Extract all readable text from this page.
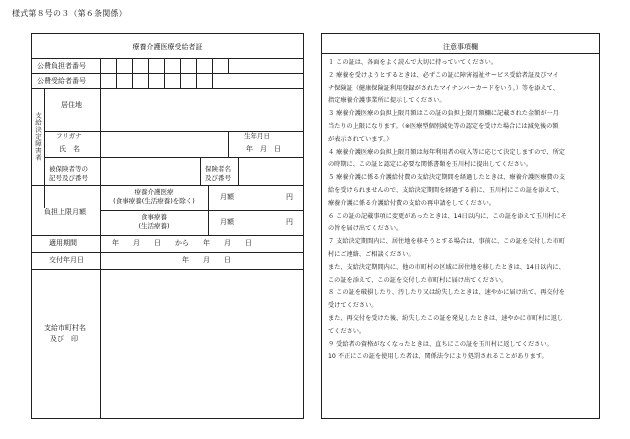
様式第８号の３（第６条関係）
療養介護医療受給者証
公費負担者番号
公費受給者番号
支給決定障害者
居住地
フリガナ	生年月日
氏　名	年　月　日
被保険者等の
記号及び番号
保険者名
及び番号
負担上限月額
療養介護医療
(食事療養(生活療養)を除く)	月額	円
食事療養
(生活療養)	月額	円
適用期間	年　　月　　日　　から　　年　　月　　日
交付年月日	年　　月　　日
支給市町村名
及び　印
注意事項欄

１ この証は、各面をよく読んで大切に持っていてください。

２ 療養を受けようとするときは、必ずこの証に障害福祉サービス受給者証及びマイ

ナ保険証（健康保険証利用登録がされたマイナンバーカードをいう。）等を添えて、

指定療養介護事業所に提示してください。

３ 療養介護医療の負担上限月額はこの証の負担上限月額欄に記載された金額が一月

当たりの上限になります。（※医療型個別減免等の認定を受けた場合には減免後の額

が表示されています。）

４ 療養介護医療の負担上限月額は毎年利用者の収入等に応じて決定しますので、所定

の時期に、この証と認定に必要な関係書類を玉川村に提出してください。

５ 療養介護に係る介護給付費の支給決定期間を経過したときは、療養介護医療費の支

給を受けられませんので、支給決定期間を経過する前に、玉川村にこの証を添えて、

療養介護に係る介護給付費の支給の再申請をしてください。

６ この証の記載事項に変更があったときは、14日以内に、この証を添えて玉川村にそ

の旨を届け出てください。

７ 支給決定期間内に、居住地を移そうとする場合は、事前に、この証を交付した市町

村にご連絡、ご相談ください。

また、支給決定期間内に、他の市町村の区域に居住地を移したときは、14日以内に、

この証を添えて、この証を交付した市町村に届け出てください。

８ この証を破損したり、汚したり又は紛失したときは、速やかに届け出て、再交付を

受けてください。

また、再交付を受けた後、紛失したこの証を発見したときは、速やかに市町村に返し

てください。

９ 受給者の資格がなくなったときは、直ちにこの証を玉川村に返してください。

10 不正にこの証を使用した者は、関係法令により処罰されることがあります。
